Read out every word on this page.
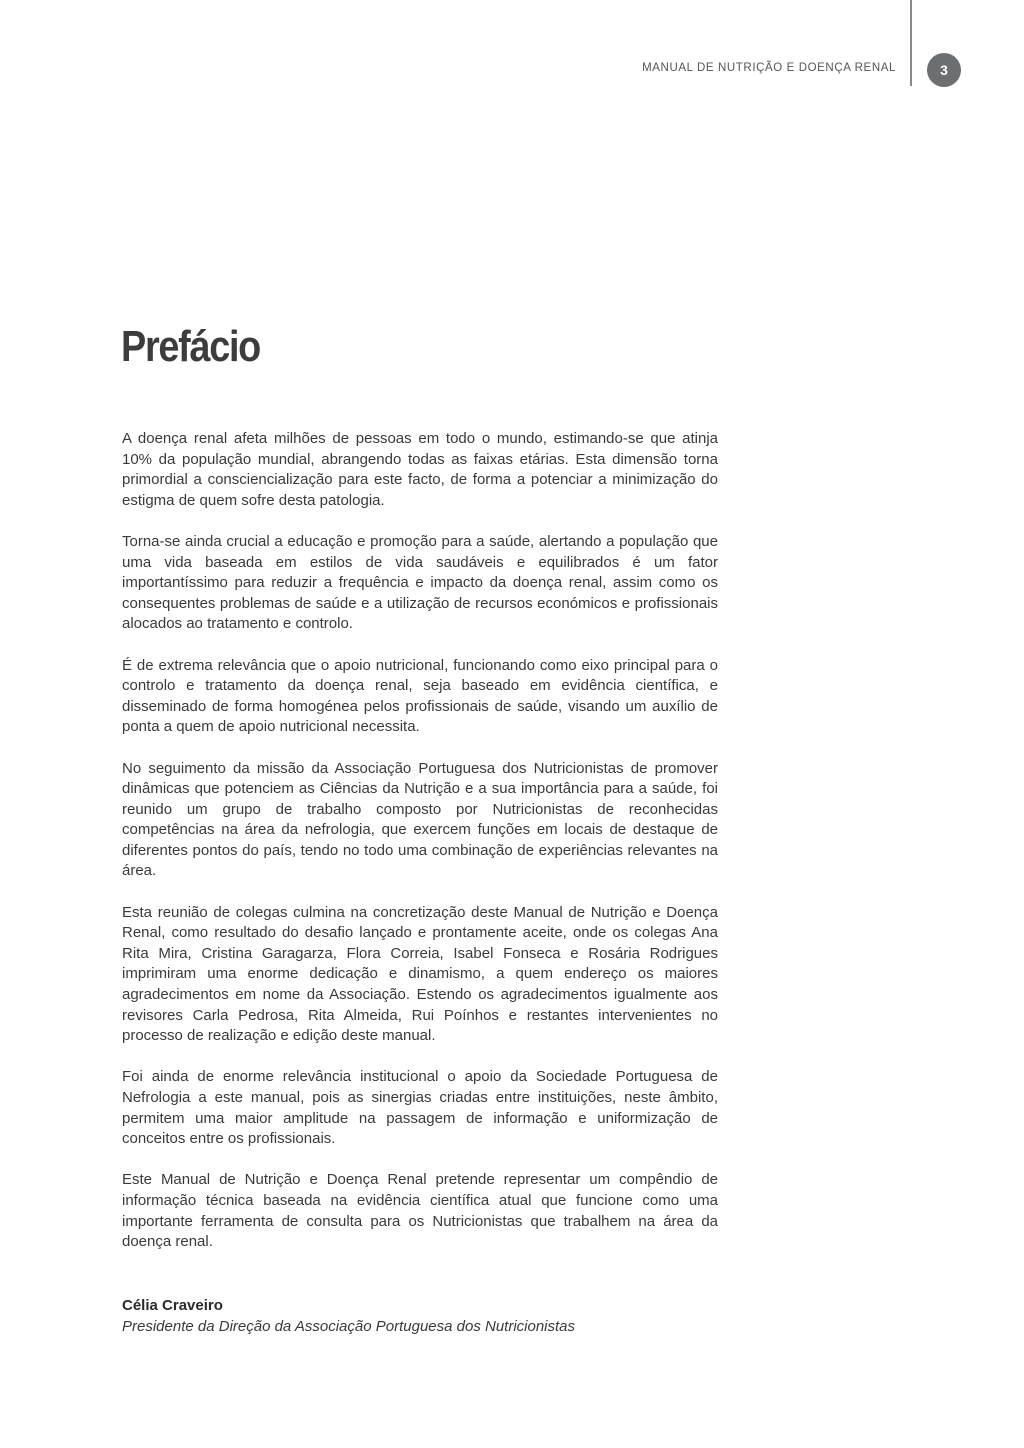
MANUAL DE NUTRIÇÃO E DOENÇA RENAL	3
Prefácio

A doença renal afeta milhões de pessoas em todo o mundo, estimando-se que atinja 10% da população mundial, abrangendo todas as faixas etárias. Esta dimensão torna primordial a consciencialização para este facto, de forma a potenciar a minimização do estigma de quem sofre desta patologia.

Torna-se ainda crucial a educação e promoção para a saúde, alertando a população que uma vida baseada em estilos de vida saudáveis e equilibrados é um fator importantíssimo para reduzir a frequência e impacto da doença renal, assim como os consequentes problemas de saúde e a utilização de recursos económicos e profissionais alocados ao tratamento e controlo.

É de extrema relevância que o apoio nutricional, funcionando como eixo principal para o controlo e tratamento da doença renal, seja baseado em evidência científica, e disseminado de forma homogénea pelos profissionais de saúde, visando um auxílio de ponta a quem de apoio nutricional necessita.

No seguimento da missão da Associação Portuguesa dos Nutricionistas de promover dinâmicas que potenciem as Ciências da Nutrição e a sua importância para a saúde, foi reunido um grupo de trabalho composto por Nutricionistas de reconhecidas competências na área da nefrologia, que exercem funções em locais de destaque de diferentes pontos do país, tendo no todo uma combinação de experiências relevantes na área.

Esta reunião de colegas culmina na concretização deste Manual de Nutrição e Doença Renal, como resultado do desafio lançado e prontamente aceite, onde os colegas Ana Rita Mira, Cristina Garagarza, Flora Correia, Isabel Fonseca e Rosária Rodrigues imprimiram uma enorme dedicação e dinamismo, a quem endereço os maiores agradecimentos em nome da Associação. Estendo os agradecimentos igualmente aos revisores Carla Pedrosa, Rita Almeida, Rui Poínhos e restantes intervenientes no processo de realização e edição deste manual.

Foi ainda de enorme relevância institucional o apoio da Sociedade Portuguesa de Nefrologia a este manual, pois as sinergias criadas entre instituições, neste âmbito, permitem uma maior amplitude na passagem de informação e uniformização de conceitos entre os profissionais.

Este Manual de Nutrição e Doença Renal pretende representar um compêndio de informação técnica baseada na evidência científica atual que funcione como uma importante ferramenta de consulta para os Nutricionistas que trabalhem na área da doença renal.

Célia Craveiro
Presidente da Direção da Associação Portuguesa dos Nutricionistas
